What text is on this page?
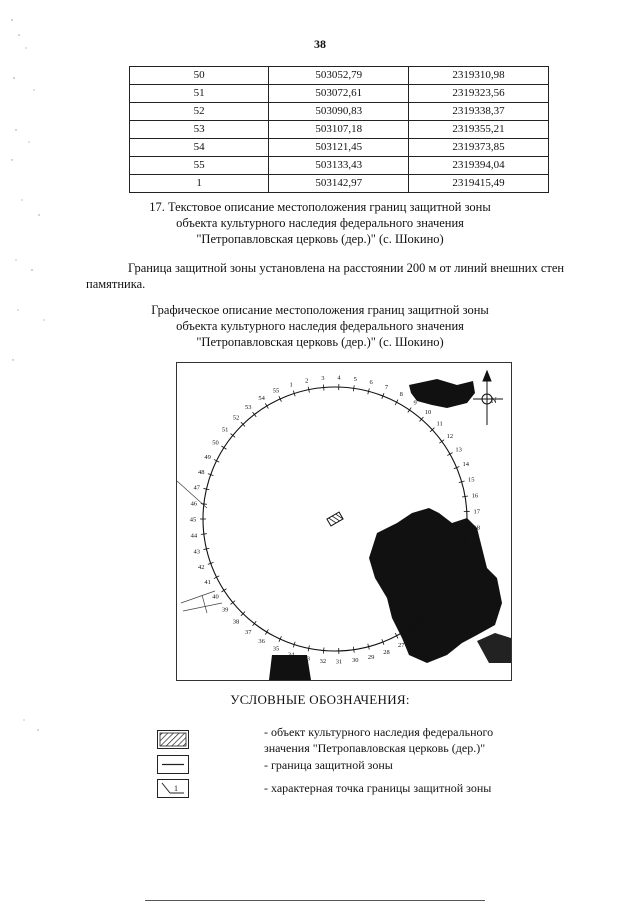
38
50	503052,79	2319310,98
51	503072,61	2319323,56
52	503090,83	2319338,37
53	503107,18	2319355,21
54	503121,45	2319373,85
55	503133,43	2319394,04
1	503142,97	2319415,49
17. Текстовое описание местоположения границ защитной зоны
объекта культурного наследия федерального значения
"Петропавловская церковь (дер.)" (с. Шокино)
Граница защитной зоны установлена на расстоянии 200 м от линий внешних стен
памятника.
Графическое описание местоположения границ защитной зоны
объекта культурного наследия федерального значения
"Петропавловская церковь (дер.)" (с. Шокино)
N
1
2 3 4 5 6
7
8
9
10
11
12
13
14
15
16
17
18
19
20
21
22
23
24
25
26
27
28
29
30
31
32
33
34
35
36
37
38
39
40
41
42
43
44
45
46
47
48
49
50
51
52
53
54
55
УСЛОВНЫЕ ОБОЗНАЧЕНИЯ:
- объект культурного наследия федерального
значения "Петропавловская церковь (дер.)"
- граница защитной зоны
1	- характерная точка границы защитной зоны
